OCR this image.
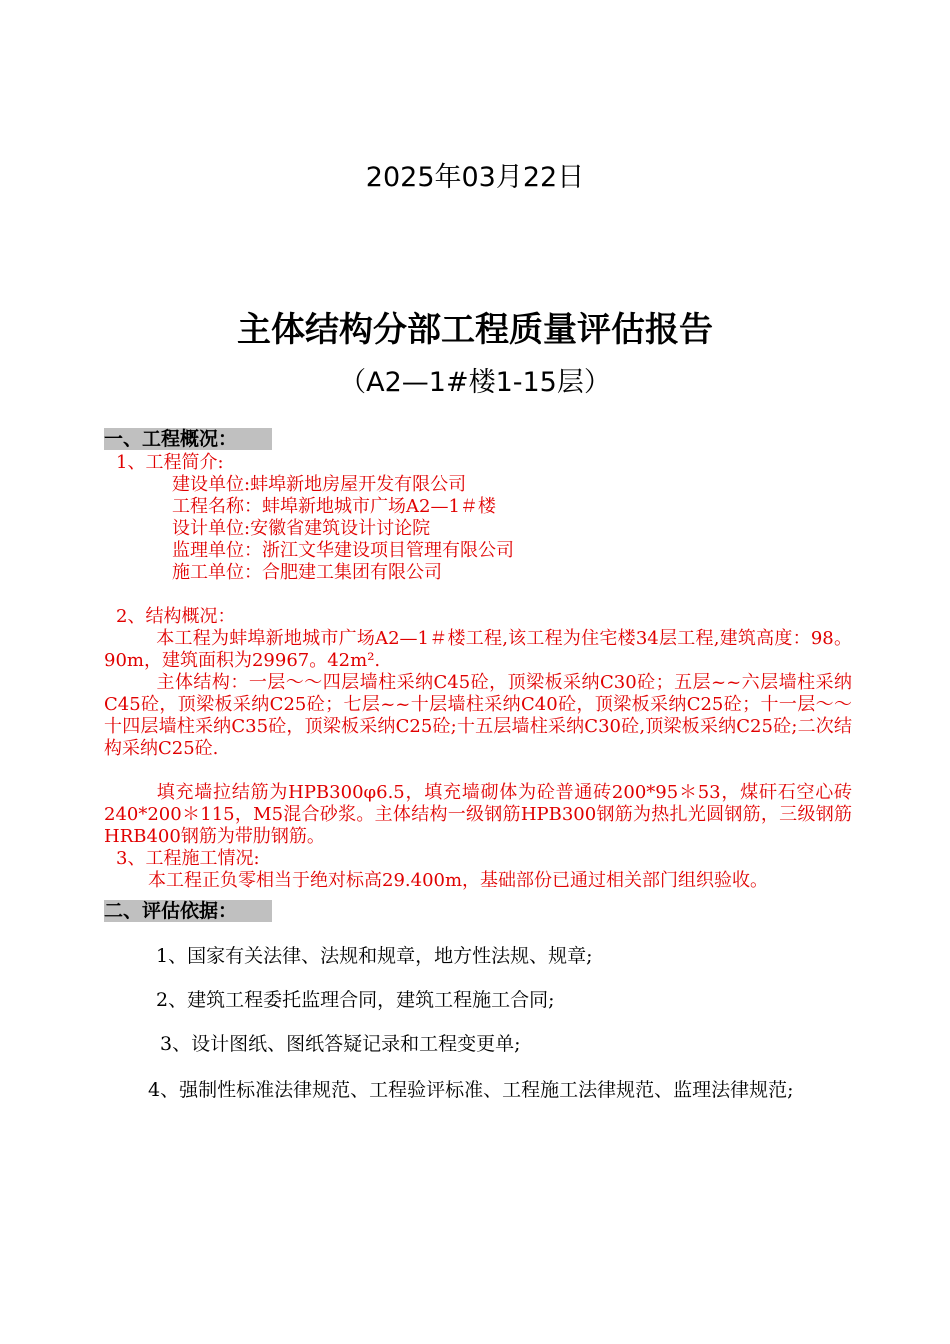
2025年03月22日
主体结构分部工程质量评估报告
（A2—1#楼1-15层）
一、工程概况：
1、工程简介:
建设单位:蚌埠新地房屋开发有限公司
工程名称：蚌埠新地城市广场A2—1＃楼
设计单位:安徽省建筑设计讨论院
监理单位：浙江文华建设项目管理有限公司
施工单位：合肥建工集团有限公司
2、结构概况：
本工程为蚌埠新地城市广场A2—1＃楼工程,该工程为住宅楼34层工程,建筑高度：98。90m，建筑面积为29967。42m².
主体结构：一层～～四层墙柱采纳C45砼，顶梁板采纳C30砼；五层~~六层墙柱采纳C45砼，顶梁板采纳C25砼；七层~~十层墙柱采纳C40砼，顶梁板采纳C25砼；十一层～～十四层墙柱采纳C35砼，顶梁板采纳C25砼;十五层墙柱采纳C30砼,顶梁板采纳C25砼;二次结构采纳C25砼.
填充墙拉结筋为HPB300φ6.5，填充墙砌体为砼普通砖200*95＊53，煤矸石空心砖240*200＊115，M5混合砂浆。主体结构一级钢筋HPB300钢筋为热扎光圆钢筋，三级钢筋HRB400钢筋为带肋钢筋。
3、工程施工情况:
本工程正负零相当于绝对标高29.400m，基础部份已通过相关部门组织验收。
二、评估依据：
1、国家有关法律、法规和规章，地方性法规、规章;
2、建筑工程委托监理合同，建筑工程施工合同;
3、设计图纸、图纸答疑记录和工程变更单;
4、强制性标准法律规范、工程验评标准、工程施工法律规范、监理法律规范;
